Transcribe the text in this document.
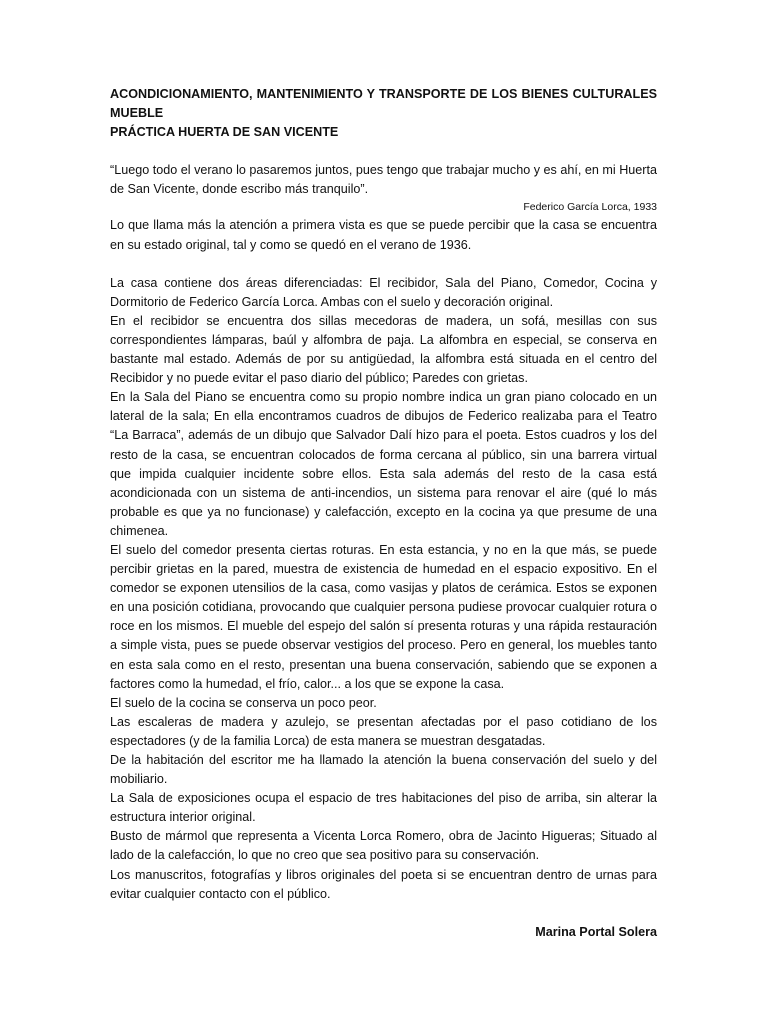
ACONDICIONAMIENTO, MANTENIMIENTO Y TRANSPORTE DE LOS BIENES CULTURALES MUEBLE

PRÁCTICA HUERTA DE SAN VICENTE

“Luego todo el verano lo pasaremos juntos, pues tengo que trabajar mucho y es ahí, en mi Huerta de San Vicente, donde escribo más tranquilo”.

Federico García Lorca, 1933

Lo que llama más la atención a primera vista es que se puede percibir que la casa se encuentra en su estado original, tal y como se quedó en el verano de 1936.

La casa contiene dos áreas diferenciadas: El recibidor, Sala del Piano, Comedor, Cocina y Dormitorio de Federico García Lorca. Ambas con el suelo y decoración original.

En el recibidor se encuentra dos sillas mecedoras de madera, un sofá, mesillas con sus correspondientes lámparas, baúl y alfombra de paja. La alfombra en especial, se conserva en bastante mal estado. Además de por su antigüedad, la alfombra está situada en el centro del Recibidor y no puede evitar el paso diario del público; Paredes con grietas.

En la Sala del Piano se encuentra como su propio nombre indica un gran piano colocado en un lateral de la sala; En ella encontramos cuadros de dibujos de Federico realizaba para el Teatro “La Barraca”, además de un dibujo que Salvador Dalí hizo para el poeta. Estos cuadros y los del resto de la casa, se encuentran colocados de forma cercana al público, sin una barrera virtual que impida cualquier incidente sobre ellos. Esta sala además del resto de la casa está acondicionada con un sistema de anti-incendios, un sistema para renovar el aire (qué lo más probable es que ya no funcionase) y calefacción, excepto en la cocina ya que presume de una chimenea.

El suelo del comedor presenta ciertas roturas. En esta estancia, y no en la que más, se puede percibir grietas en la pared, muestra de existencia de humedad en el espacio expositivo. En el comedor se exponen utensilios de la casa, como vasijas y platos de cerámica. Estos se exponen en una posición cotidiana, provocando que cualquier persona pudiese provocar cualquier rotura o roce en los mismos. El mueble del espejo del salón sí presenta roturas y una rápida restauración a simple vista, pues se puede observar vestigios del proceso. Pero en general, los muebles tanto en esta sala como en el resto, presentan una buena conservación, sabiendo que se exponen a factores como la humedad, el frío, calor... a los que se expone la casa.

El suelo de la cocina se conserva un poco peor.

Las escaleras de madera y azulejo, se presentan afectadas por el paso cotidiano de los espectadores (y de la familia Lorca) de esta manera se muestran desgatadas.

De la habitación del escritor me ha llamado la atención la buena conservación del suelo y del mobiliario.

La Sala de exposiciones ocupa el espacio de tres habitaciones del piso de arriba, sin alterar la estructura interior original.

Busto de mármol que representa a Vicenta Lorca Romero, obra de Jacinto Higueras; Situado al lado de la calefacción, lo que no creo que sea positivo para su conservación.

Los manuscritos, fotografías y libros originales del poeta si se encuentran dentro de urnas para evitar cualquier contacto con el público.

Marina Portal Solera
